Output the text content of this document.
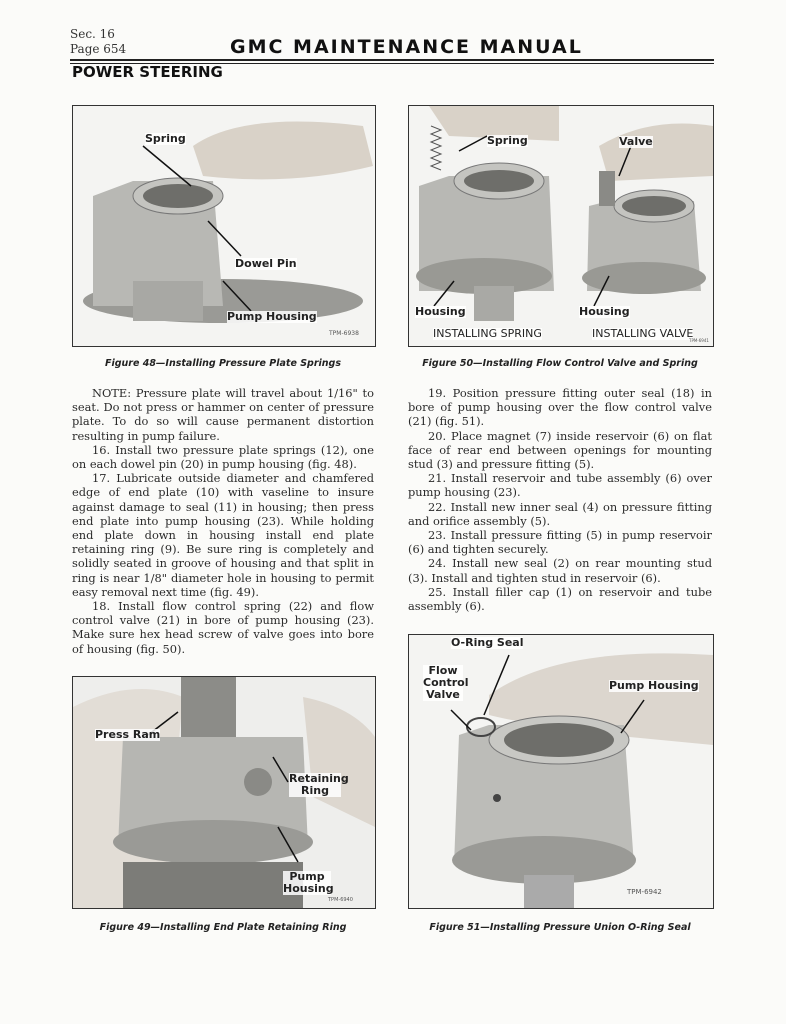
Sec. 16
Page 654	GMC MAINTENANCE MANUAL
POWER STEERING
Spring
Dowel Pin
Pump Housing
TPM-6938
Figure 48—Installing Pressure Plate Springs
Spring	Valve
Housing	Housing
INSTALLING SPRING	INSTALLING VALVE
TPM-6941
Figure 50—Installing Flow Control Valve and Spring

NOTE: Pressure plate will travel about 1/16" to seat. Do not press or hammer on center of pressure plate. To do so will cause permanent distortion resulting in pump failure.

16. Install two pressure plate springs (12), one on each dowel pin (20) in pump housing (fig. 48).

17. Lubricate outside diameter and chamfered edge of end plate (10) with vaseline to insure against damage to seal (11) in housing; then press end plate into pump housing (23). While holding end plate down in housing install end plate retaining ring (9). Be sure ring is completely and solidly seated in groove of housing and that split in ring is near 1/8" diameter hole in housing to permit easy removal next time (fig. 49).

18. Install flow control spring (22) and flow control valve (21) in bore of pump housing (23). Make sure hex head screw of valve goes into bore of housing (fig. 50).

19. Position pressure fitting outer seal (18) in bore of pump housing over the flow control valve (21) (fig. 51).

20. Place magnet (7) inside reservoir (6) on flat face of rear end between openings for mounting stud (3) and pressure fitting (5).

21. Install reservoir and tube assembly (6) over pump housing (23).

22. Install new inner seal (4) on pressure fitting and orifice assembly (5).

23. Install pressure fitting (5) in pump reservoir (6) and tighten securely.

24. Install new seal (2) on rear mounting stud (3). Install and tighten stud in reservoir (6).

25. Install filler cap (1) on reservoir and tube assembly (6).

Press Ram
Retaining Ring
Pump Housing
TPM-6940
Figure 49—Installing End Plate Retaining Ring
O-Ring Seal
Flow Control Valve
Pump Housing
TPM-6942
Figure 51—Installing Pressure Union O-Ring Seal
